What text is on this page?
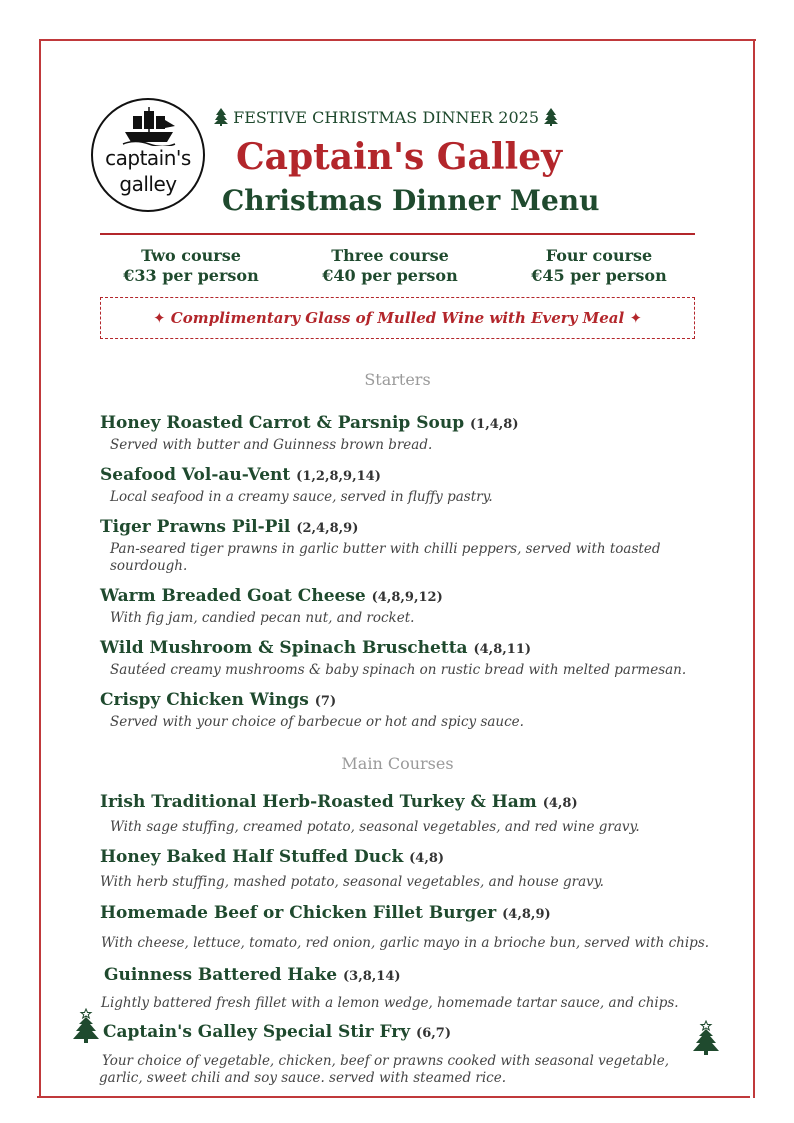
captain's
galley
FESTIVE CHRISTMAS DINNER 2025
Captain's Galley
Christmas Dinner Menu
Two course
€33 per person
Three course
€40 per person
Four course
€45 per person
✦ Complimentary Glass of Mulled Wine with Every Meal ✦
Starters
Honey Roasted Carrot & Parsnip Soup (1,4,8)
Served with butter and Guinness brown bread.
Seafood Vol-au-Vent (1,2,8,9,14)
Local seafood in a creamy sauce, served in fluffy pastry.
Tiger Prawns Pil-Pil (2,4,8,9)
Pan-seared tiger prawns in garlic butter with chilli peppers, served with toasted sourdough.
Warm Breaded Goat Cheese (4,8,9,12)
With fig jam, candied pecan nut, and rocket.
Wild Mushroom & Spinach Bruschetta (4,8,11)
Sautéed creamy mushrooms & baby spinach on rustic bread with melted parmesan.
Crispy Chicken Wings (7)
Served with your choice of barbecue or hot and spicy sauce.
Main Courses
Irish Traditional Herb-Roasted Turkey & Ham (4,8)
With sage stuffing, creamed potato, seasonal vegetables, and red wine gravy.
Honey Baked Half Stuffed Duck (4,8)
With herb stuffing, mashed potato, seasonal vegetables, and house gravy.
Homemade Beef or Chicken Fillet Burger (4,8,9)
With cheese, lettuce, tomato, red onion, garlic mayo in a brioche bun, served with chips.
Guinness Battered Hake (3,8,14)
Lightly battered fresh fillet with a lemon wedge, homemade tartar sauce, and chips.
Captain's Galley Special Stir Fry (6,7)
Your choice of vegetable, chicken, beef or prawns cooked with seasonal vegetable, garlic, sweet chili and soy sauce. served with steamed rice.
